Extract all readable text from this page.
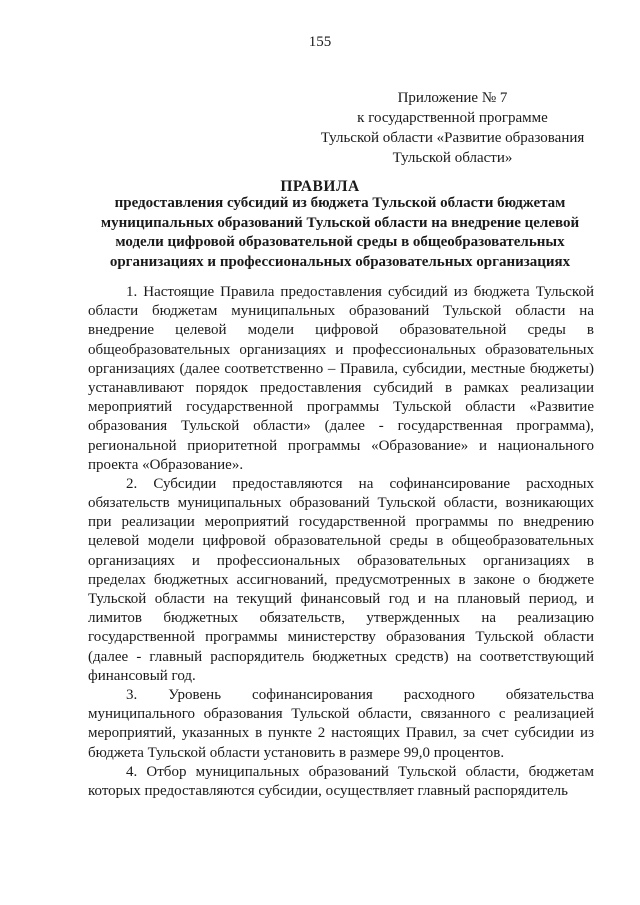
155
Приложение № 7
к государственной программе
Тульской области «Развитие образования
Тульской области»
ПРАВИЛА
предоставления субсидий из бюджета Тульской области бюджетам
муниципальных образований Тульской области на внедрение целевой
модели цифровой образовательной среды в общеобразовательных
организациях и профессиональных образовательных организациях
1. Настоящие Правила предоставления субсидий из бюджета Тульской
области бюджетам муниципальных образований Тульской области на
внедрение целевой модели цифровой образовательной среды в
общеобразовательных организациях и профессиональных образовательных
организациях (далее соответственно – Правила, субсидии, местные бюджеты)
устанавливают порядок предоставления субсидий в рамках реализации
мероприятий государственной программы Тульской области «Развитие
образования Тульской области» (далее - государственная программа),
региональной приоритетной программы «Образование» и национального
проекта «Образование».
2. Субсидии предоставляются на софинансирование расходных
обязательств муниципальных образований Тульской области, возникающих
при реализации мероприятий государственной программы по внедрению
целевой модели цифровой образовательной среды в общеобразовательных
организациях и профессиональных образовательных организациях в
пределах бюджетных ассигнований, предусмотренных в законе о бюджете
Тульской области на текущий финансовый год и на плановый период, и
лимитов бюджетных обязательств, утвержденных на реализацию
государственной программы министерству образования Тульской области
(далее - главный распорядитель бюджетных средств) на соответствующий
финансовый год.
3. Уровень софинансирования расходного обязательства
муниципального образования Тульской области, связанного с реализацией
мероприятий, указанных в пункте 2 настоящих Правил, за счет субсидии из
бюджета Тульской области установить в размере 99,0 процентов.
4. Отбор муниципальных образований Тульской области, бюджетам
которых предоставляются субсидии, осуществляет главный распорядитель
